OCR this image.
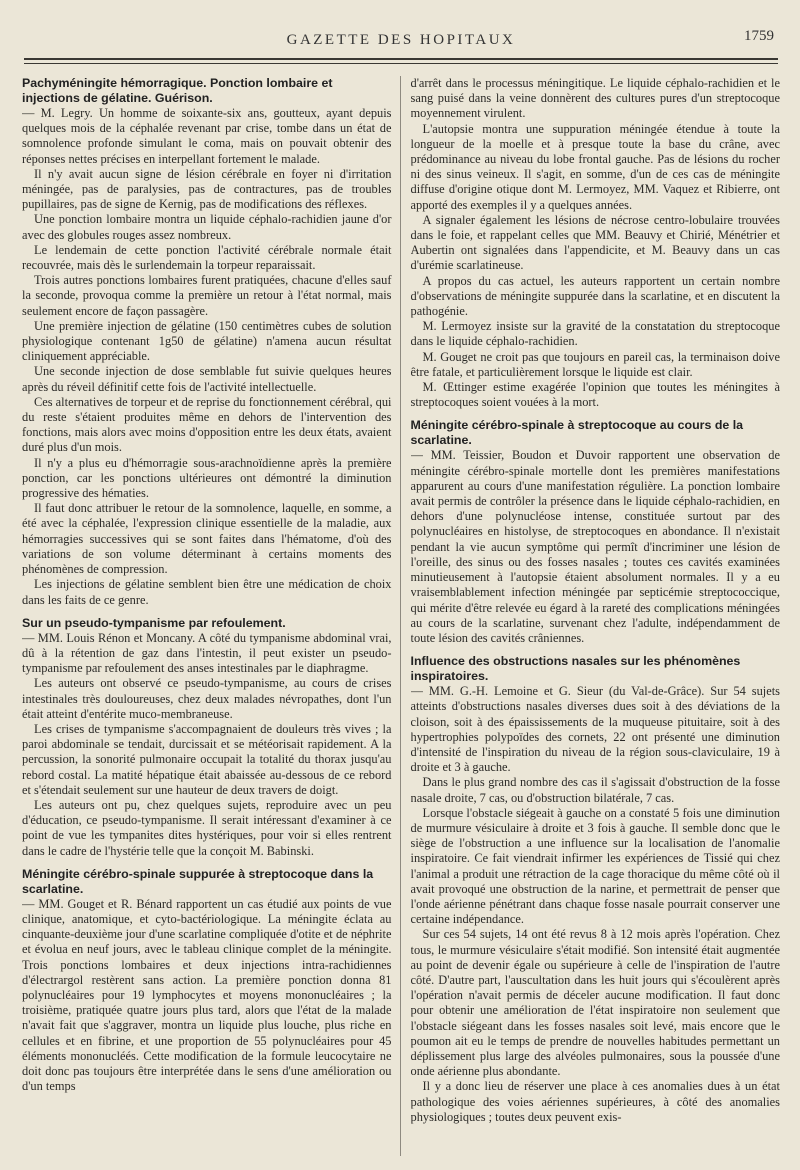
GAZETTE DES HOPITAUX	1759
Pachyméningite hémorragique. Ponction lombaire et injections de gélatine. Guérison.

— M. Legry. Un homme de soixante-six ans, goutteux, ayant depuis quelques mois de la céphalée revenant par crise, tombe dans un état de somnolence profonde simulant le coma, mais on pouvait obtenir des réponses nettes précises en interpellant fortement le malade.

Il n'y avait aucun signe de lésion cérébrale en foyer ni d'irritation méningée, pas de paralysies, pas de contractures, pas de troubles pupillaires, pas de signe de Kernig, pas de modifications des réflexes.

Une ponction lombaire montra un liquide céphalo-rachidien jaune d'or avec des globules rouges assez nombreux.

Le lendemain de cette ponction l'activité cérébrale normale était recouvrée, mais dès le surlendemain la torpeur reparaissait.

Trois autres ponctions lombaires furent pratiquées, chacune d'elles sauf la seconde, provoqua comme la première un retour à l'état normal, mais seulement encore de façon passagère.

Une première injection de gélatine (150 centimètres cubes de solution physiologique contenant 1g50 de gélatine) n'amena aucun résultat cliniquement appréciable.

Une seconde injection de dose semblable fut suivie quelques heures après du réveil définitif cette fois de l'activité intellectuelle.

Ces alternatives de torpeur et de reprise du fonctionnement cérébral, qui du reste s'étaient produites même en dehors de l'intervention des fonctions, mais alors avec moins d'opposition entre les deux états, avaient duré plus d'un mois.

Il n'y a plus eu d'hémorragie sous-arachnoïdienne après la première ponction, car les ponctions ultérieures ont démontré la diminution progressive des hématies.

Il faut donc attribuer le retour de la somnolence, laquelle, en somme, a été avec la céphalée, l'expression clinique essentielle de la maladie, aux hémorragies successives qui se sont faites dans l'hématome, d'où des variations de son volume déterminant à certains moments des phénomènes de compression.

Les injections de gélatine semblent bien être une médication de choix dans les faits de ce genre.

Sur un pseudo-tympanisme par refoulement.

— MM. Louis Rénon et Moncany. A côté du tympanisme abdominal vrai, dû à la rétention de gaz dans l'intestin, il peut exister un pseudo-tympanisme par refoulement des anses intestinales par le diaphragme.

Les auteurs ont observé ce pseudo-tympanisme, au cours de crises intestinales très douloureuses, chez deux malades névropathes, dont l'un était atteint d'entérite muco-membraneuse.

Les crises de tympanisme s'accompagnaient de douleurs très vives ; la paroi abdominale se tendait, durcissait et se météorisait rapidement. A la percussion, la sonorité pulmonaire occupait la totalité du thorax jusqu'au rebord costal. La matité hépatique était abaissée au-dessous de ce rebord et s'étendait seulement sur une hauteur de deux travers de doigt.

Les auteurs ont pu, chez quelques sujets, reproduire avec un peu d'éducation, ce pseudo-tympanisme. Il serait intéressant d'examiner à ce point de vue les tympanites dites hystériques, pour voir si elles rentrent dans le cadre de l'hystérie telle que la conçoit M. Babinski.

Méningite cérébro-spinale suppurée à streptocoque dans la scarlatine.

— MM. Gouget et R. Bénard rapportent un cas étudié aux points de vue clinique, anatomique, et cyto-bactériologique. La méningite éclata au cinquante-deuxième jour d'une scarlatine compliquée d'otite et de néphrite et évolua en neuf jours, avec le tableau clinique complet de la méningite. Trois ponctions lombaires et deux injections intra-rachidiennes d'électrargol restèrent sans action. La première ponction donna 81 polynucléaires pour 19 lymphocytes et moyens mononucléaires ; la troisième, pratiquée quatre jours plus tard, alors que l'état de la malade n'avait fait que s'aggraver, montra un liquide plus louche, plus riche en cellules et en fibrine, et une proportion de 55 polynucléaires pour 45 éléments mononucléés. Cette modification de la formule leucocytaire ne doit donc pas toujours être interprétée dans le sens d'une amélioration ou d'un temps

d'arrêt dans le processus méningitique. Le liquide céphalo-rachidien et le sang puisé dans la veine donnèrent des cultures pures d'un streptocoque moyennement virulent.

L'autopsie montra une suppuration méningée étendue à toute la longueur de la moelle et à presque toute la base du crâne, avec prédominance au niveau du lobe frontal gauche. Pas de lésions du rocher ni des sinus veineux. Il s'agit, en somme, d'un de ces cas de méningite diffuse d'origine otique dont M. Lermoyez, MM. Vaquez et Ribierre, ont apporté des exemples il y a quelques années.

A signaler également les lésions de nécrose centro-lobulaire trouvées dans le foie, et rappelant celles que MM. Beauvy et Chirié, Ménétrier et Aubertin ont signalées dans l'appendicite, et M. Beauvy dans un cas d'urémie scarlatineuse.

A propos du cas actuel, les auteurs rapportent un certain nombre d'observations de méningite suppurée dans la scarlatine, et en discutent la pathogénie.

M. Lermoyez insiste sur la gravité de la constatation du streptocoque dans le liquide céphalo-rachidien.

M. Gouget ne croit pas que toujours en pareil cas, la terminaison doive être fatale, et particulièrement lorsque le liquide est clair.

M. Œttinger estime exagérée l'opinion que toutes les méningites à streptocoques soient vouées à la mort.

Méningite cérébro-spinale à streptocoque au cours de la scarlatine.

— MM. Teissier, Boudon et Duvoir rapportent une observation de méningite cérébro-spinale mortelle dont les premières manifestations apparurent au cours d'une manifestation régulière. La ponction lombaire avait permis de contrôler la présence dans le liquide céphalo-rachidien, en dehors d'une polynucléose intense, constituée surtout par des polynucléaires en histolyse, de streptocoques en abondance. Il n'existait pendant la vie aucun symptôme qui permît d'incriminer une lésion de l'oreille, des sinus ou des fosses nasales ; toutes ces cavités examinées minutieusement à l'autopsie étaient absolument normales. Il y a eu vraisemblablement infection méningée par septicémie streptococcique, qui mérite d'être relevée eu égard à la rareté des complications méningées au cours de la scarlatine, survenant chez l'adulte, indépendamment de toute lésion des cavités crâniennes.

Influence des obstructions nasales sur les phénomènes inspiratoires.

— MM. G.-H. Lemoine et G. Sieur (du Val-de-Grâce). Sur 54 sujets atteints d'obstructions nasales diverses dues soit à des déviations de la cloison, soit à des épaississements de la muqueuse pituitaire, soit à des hypertrophies polypoïdes des cornets, 22 ont présenté une diminution d'intensité de l'inspiration du niveau de la région sous-claviculaire, 19 à droite et 3 à gauche.

Dans le plus grand nombre des cas il s'agissait d'obstruction de la fosse nasale droite, 7 cas, ou d'obstruction bilatérale, 7 cas.

Lorsque l'obstacle siégeait à gauche on a constaté 5 fois une diminution de murmure vésiculaire à droite et 3 fois à gauche. Il semble donc que le siège de l'obstruction a une influence sur la localisation de l'anomalie inspiratoire. Ce fait viendrait infirmer les expériences de Tissié qui chez l'animal a produit une rétraction de la cage thoracique du même côté où il avait provoqué une obstruction de la narine, et permettrait de penser que l'onde aérienne pénétrant dans chaque fosse nasale pourrait conserver une certaine indépendance.

Sur ces 54 sujets, 14 ont été revus 8 à 12 mois après l'opération. Chez tous, le murmure vésiculaire s'était modifié. Son intensité était augmentée au point de devenir égale ou supérieure à celle de l'inspiration de l'autre côté. D'autre part, l'auscultation dans les huit jours qui s'écoulèrent après l'opération n'avait permis de déceler aucune modification. Il faut donc pour obtenir une amélioration de l'état inspiratoire non seulement que l'obstacle siégeant dans les fosses nasales soit levé, mais encore que le poumon ait eu le temps de prendre de nouvelles habitudes permettant un déplissement plus large des alvéoles pulmonaires, sous la poussée d'une onde aérienne plus abondante.

Il y a donc lieu de réserver une place à ces anomalies dues à un état pathologique des voies aériennes supérieures, à côté des anomalies physiologiques ; toutes deux peuvent exis-
